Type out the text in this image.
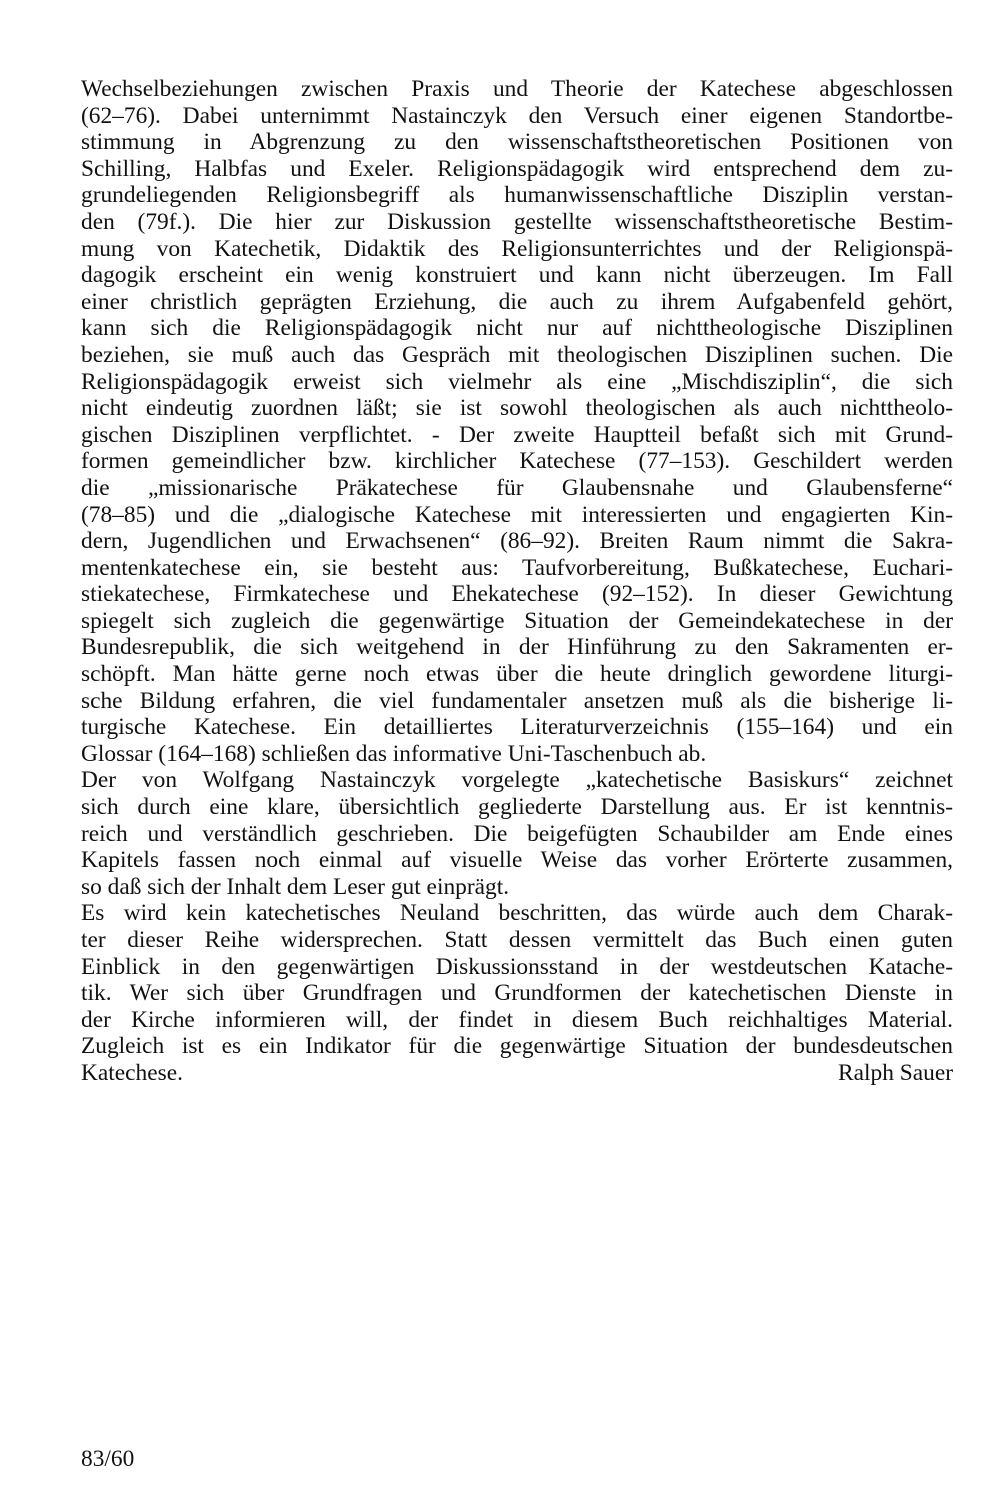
Wechselbeziehungen zwischen Praxis und Theorie der Katechese abgeschlossen
(62–76). Dabei unternimmt Nastainczyk den Versuch einer eigenen Standortbe-
stimmung in Abgrenzung zu den wissenschaftstheoretischen Positionen von
Schilling, Halbfas und Exeler. Religionspädagogik wird entsprechend dem zu-
grundeliegenden Religionsbegriff als humanwissenschaftliche Disziplin verstan-
den (79f.). Die hier zur Diskussion gestellte wissenschaftstheoretische Bestim-
mung von Katechetik, Didaktik des Religionsunterrichtes und der Religionspä-
dagogik erscheint ein wenig konstruiert und kann nicht überzeugen. Im Fall
einer christlich geprägten Erziehung, die auch zu ihrem Aufgabenfeld gehört,
kann sich die Religionspädagogik nicht nur auf nichttheologische Disziplinen
beziehen, sie muß auch das Gespräch mit theologischen Disziplinen suchen. Die
Religionspädagogik erweist sich vielmehr als eine „Mischdisziplin“, die sich
nicht eindeutig zuordnen läßt; sie ist sowohl theologischen als auch nichttheolo-
gischen Disziplinen verpflichtet. - Der zweite Hauptteil befaßt sich mit Grund-
formen gemeindlicher bzw. kirchlicher Katechese (77–153). Geschildert werden
die „missionarische Präkatechese für Glaubensnahe und Glaubensferne“
(78–85) und die „dialogische Katechese mit interessierten und engagierten Kin-
dern, Jugendlichen und Erwachsenen“ (86–92). Breiten Raum nimmt die Sakra-
mentenkatechese ein, sie besteht aus: Taufvorbereitung, Bußkatechese, Euchari-
stiekatechese, Firmkatechese und Ehekatechese (92–152). In dieser Gewichtung
spiegelt sich zugleich die gegenwärtige Situation der Gemeindekatechese in der
Bundesrepublik, die sich weitgehend in der Hinführung zu den Sakramenten er-
schöpft. Man hätte gerne noch etwas über die heute dringlich gewordene liturgi-
sche Bildung erfahren, die viel fundamentaler ansetzen muß als die bisherige li-
turgische Katechese. Ein detailliertes Literaturverzeichnis (155–164) und ein
Glossar (164–168) schließen das informative Uni-Taschenbuch ab.
Der von Wolfgang Nastainczyk vorgelegte „katechetische Basiskurs“ zeichnet
sich durch eine klare, übersichtlich gegliederte Darstellung aus. Er ist kenntnis-
reich und verständlich geschrieben. Die beigefügten Schaubilder am Ende eines
Kapitels fassen noch einmal auf visuelle Weise das vorher Erörterte zusammen,
so daß sich der Inhalt dem Leser gut einprägt.
Es wird kein katechetisches Neuland beschritten, das würde auch dem Charak-
ter dieser Reihe widersprechen. Statt dessen vermittelt das Buch einen guten
Einblick in den gegenwärtigen Diskussionsstand in der westdeutschen Katache-
tik. Wer sich über Grundfragen und Grundformen der katechetischen Dienste in
der Kirche informieren will, der findet in diesem Buch reichhaltiges Material.
Zugleich ist es ein Indikator für die gegenwärtige Situation der bundesdeutschen
Katechese.	Ralph Sauer
83/60
